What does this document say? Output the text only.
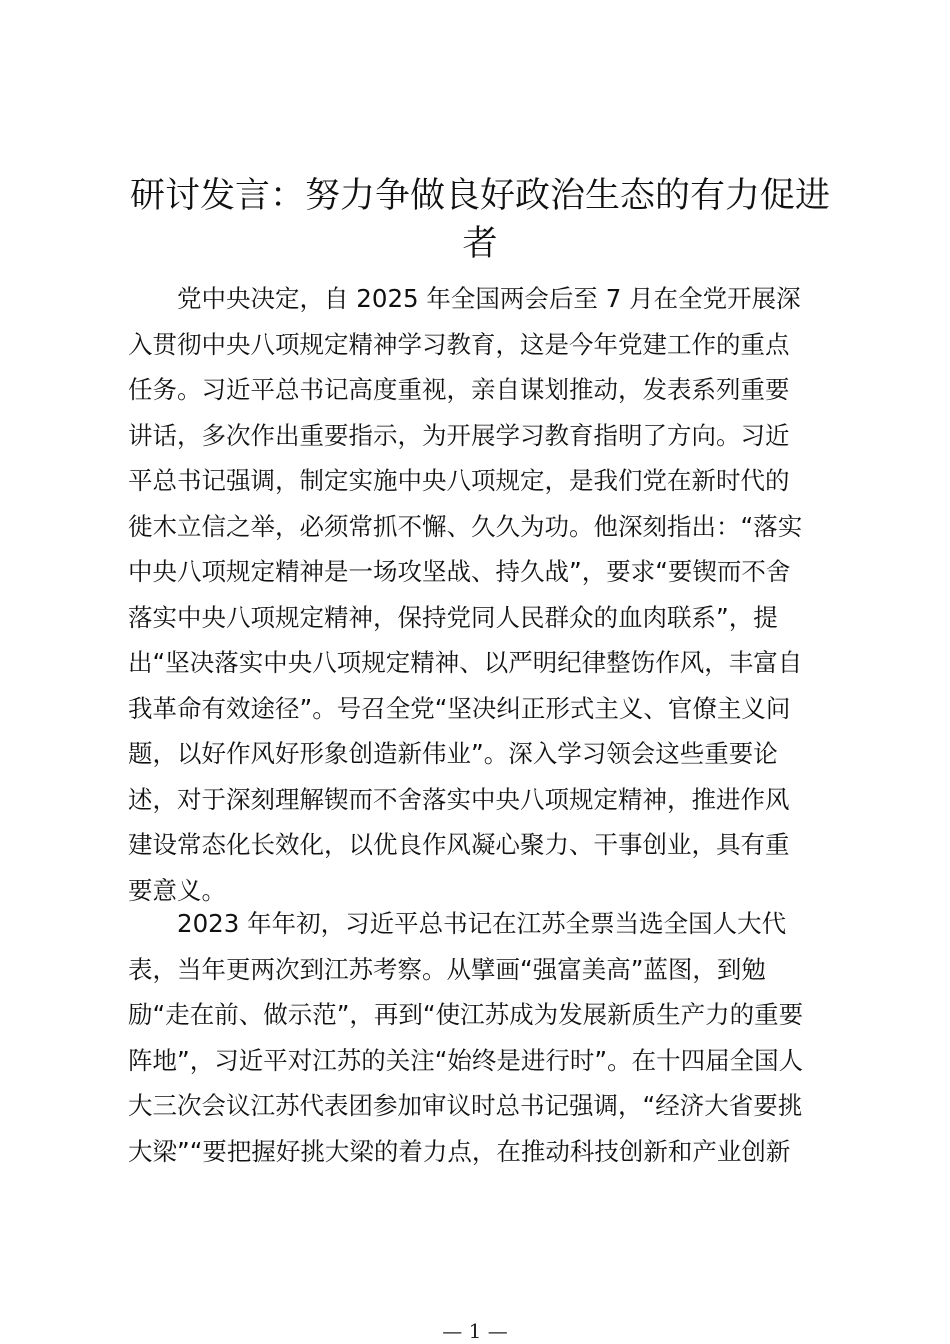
研讨发言：努力争做良好政治生态的有力促进者
党中央决定，自 2025 年全国两会后至 7 月在全党开展深
入贯彻中央八项规定精神学习教育，这是今年党建工作的重点
任务。习近平总书记高度重视，亲自谋划推动，发表系列重要
讲话，多次作出重要指示，为开展学习教育指明了方向。习近
平总书记强调，制定实施中央八项规定，是我们党在新时代的
徙木立信之举，必须常抓不懈、久久为功。他深刻指出：“落实
中央八项规定精神是一场攻坚战、持久战”，要求“要锲而不舍
落实中央八项规定精神，保持党同人民群众的血肉联系”，提
出“坚决落实中央八项规定精神、以严明纪律整饬作风，丰富自
我革命有效途径”。号召全党“坚决纠正形式主义、官僚主义问
题，以好作风好形象创造新伟业”。深入学习领会这些重要论
述，对于深刻理解锲而不舍落实中央八项规定精神，推进作风
建设常态化长效化，以优良作风凝心聚力、干事创业，具有重
要意义。
2023 年年初，习近平总书记在江苏全票当选全国人大代
表，当年更两次到江苏考察。从擘画“强富美高”蓝图，到勉
励“走在前、做示范”，再到“使江苏成为发展新质生产力的重要
阵地”，习近平对江苏的关注“始终是进行时”。在十四届全国人
大三次会议江苏代表团参加审议时总书记强调，“经济大省要挑
大梁”“要把握好挑大梁的着力点，在推动科技创新和产业创新
— 1 —
